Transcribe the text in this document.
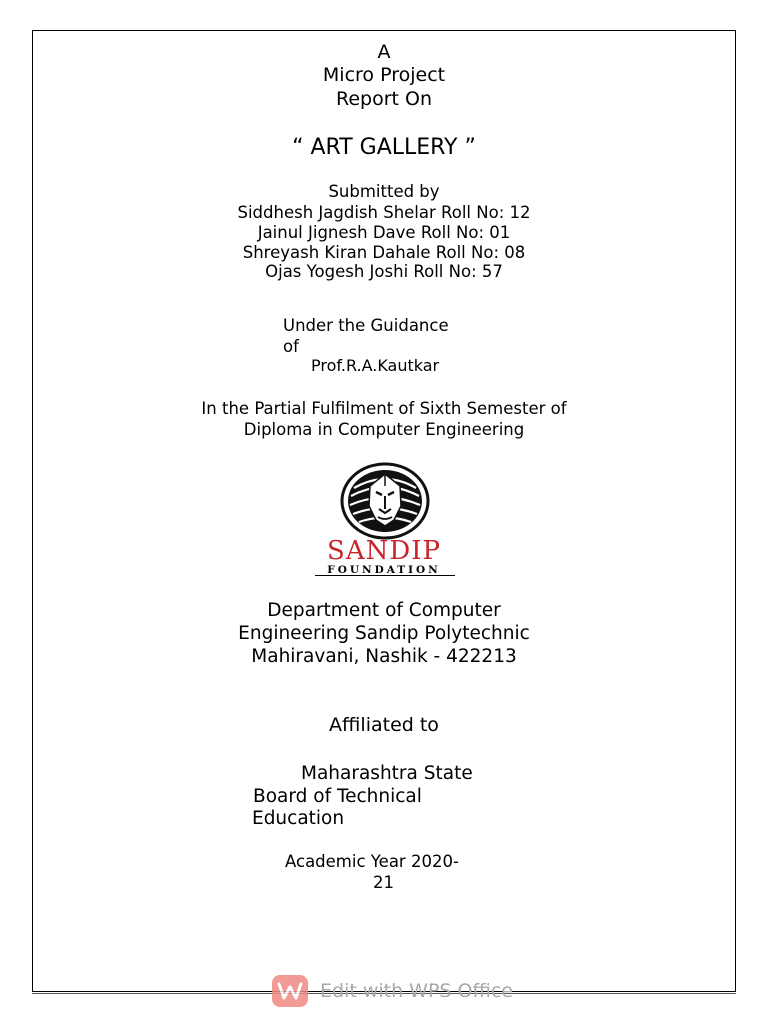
A
Micro Project
Report On
“ ART GALLERY ”
Submitted by
Siddhesh Jagdish Shelar Roll No: 12
Jainul Jignesh Dave Roll No: 01
Shreyash Kiran Dahale Roll No: 08
Ojas Yogesh Joshi Roll No: 57
Under the Guidance
of
Prof.R.A.Kautkar
In the Partial Fulfilment of Sixth Semester of
Diploma in Computer Engineering
SANDIP
FOUNDATION
Department of Computer
Engineering Sandip Polytechnic
Mahiravani, Nashik - 422213
Affiliated to
Maharashtra State
Board of Technical
Education
Academic Year 2020-
21
Edit with WPS Office
